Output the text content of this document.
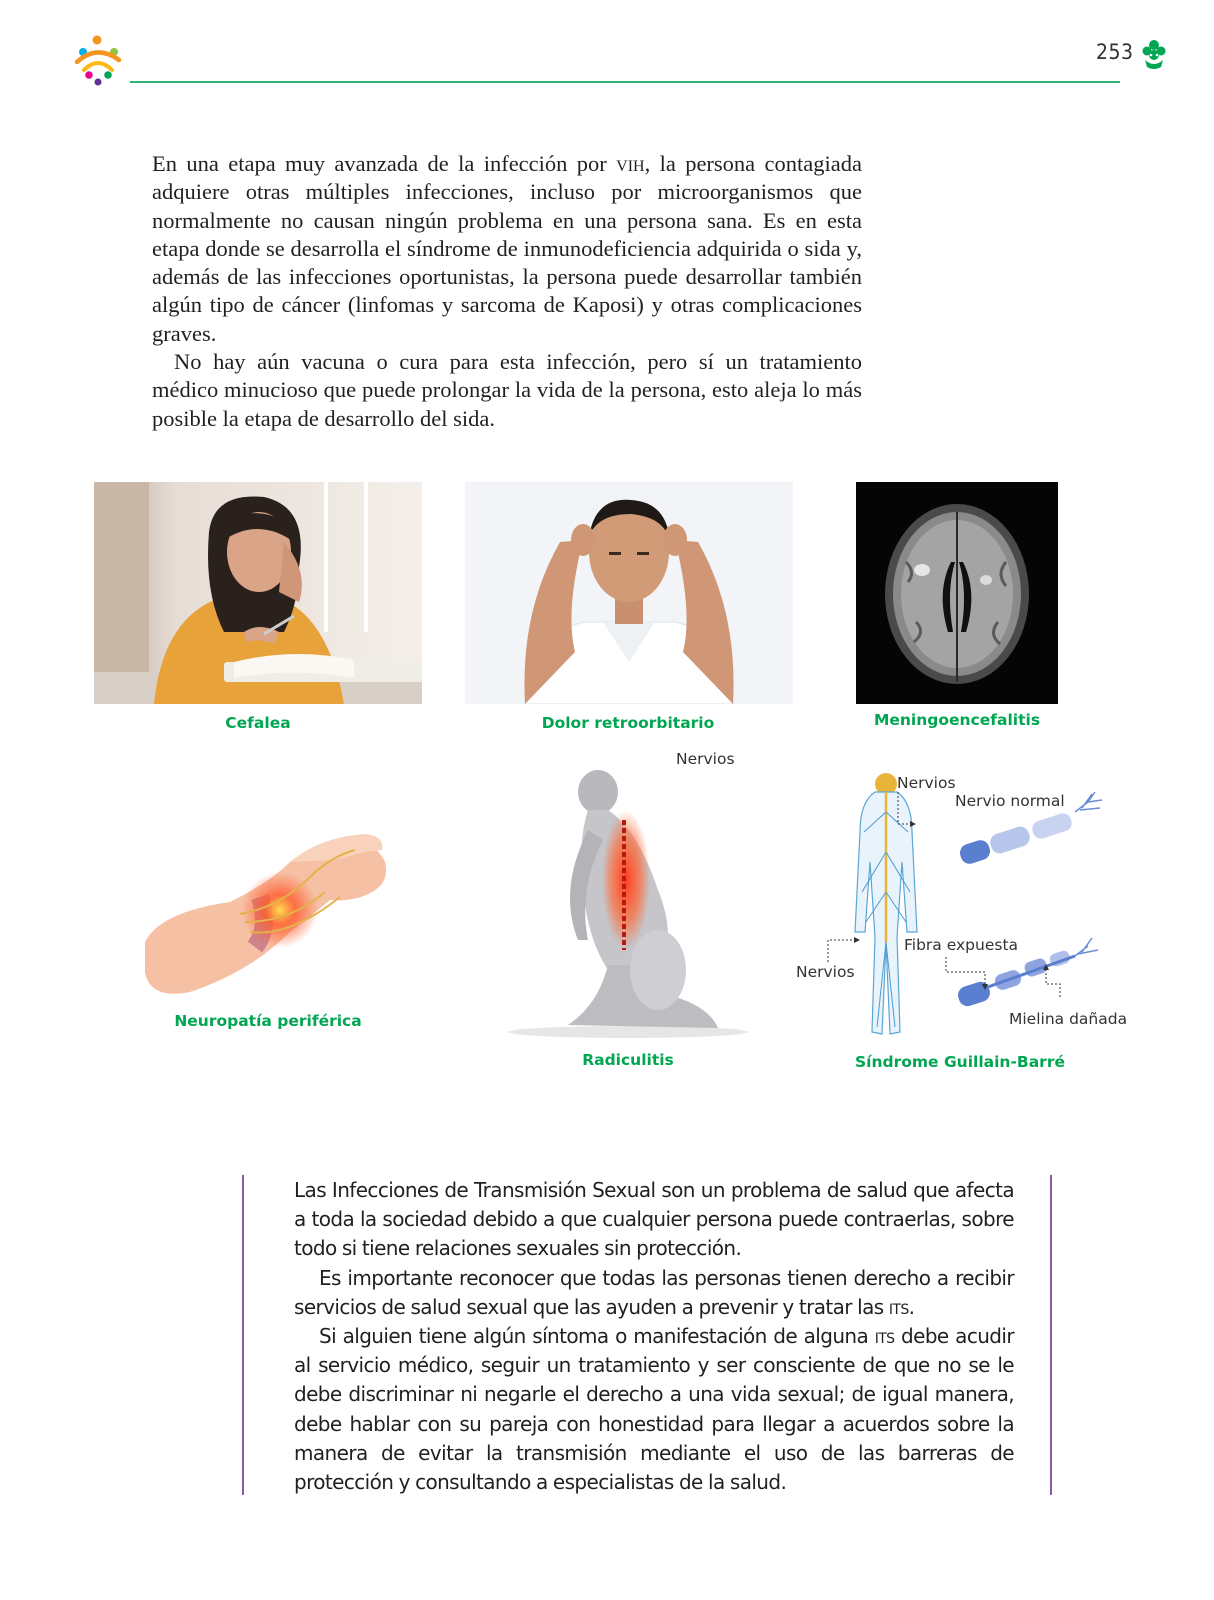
253

En una etapa muy avanzada de la infección por vih, la persona contagiada adquiere otras múltiples infecciones, incluso por microorganismos que normalmente no causan ningún problema en una persona sana. Es en esta etapa donde se desarrolla el síndrome de inmunodeficiencia adquirida o sida y, además de las infecciones oportunistas, la persona puede desarrollar también algún tipo de cáncer (linfomas y sarcoma de Kaposi) y otras complicaciones graves.

No hay aún vacuna o cura para esta infección, pero sí un tratamiento médico minucioso que puede prolongar la vida de la persona, esto aleja lo más posible la etapa de desarrollo del sida.

Cefalea	Dolor retroorbitario	Meningoencefalitis
Neuropatía periférica
Nervios
Radiculitis
Nervios
Nervio normal
Fibra expuesta
Nervios
Mielina dañada
Síndrome Guillain-Barré

Las Infecciones de Transmisión Sexual son un problema de salud que afecta a toda la sociedad debido a que cualquier persona puede contraerlas, sobre todo si tiene relaciones sexuales sin protección.

Es importante reconocer que todas las personas tienen derecho a recibir servicios de salud sexual que las ayuden a prevenir y tratar las its.

Si alguien tiene algún síntoma o manifestación de alguna its debe acudir al servicio médico, seguir un tratamiento y ser consciente de que no se le debe discriminar ni negarle el derecho a una vida sexual; de igual manera, debe hablar con su pareja con honestidad para llegar a acuerdos sobre la manera de evitar la transmisión mediante el uso de las barreras de protección y consultando a especialistas de la salud.
